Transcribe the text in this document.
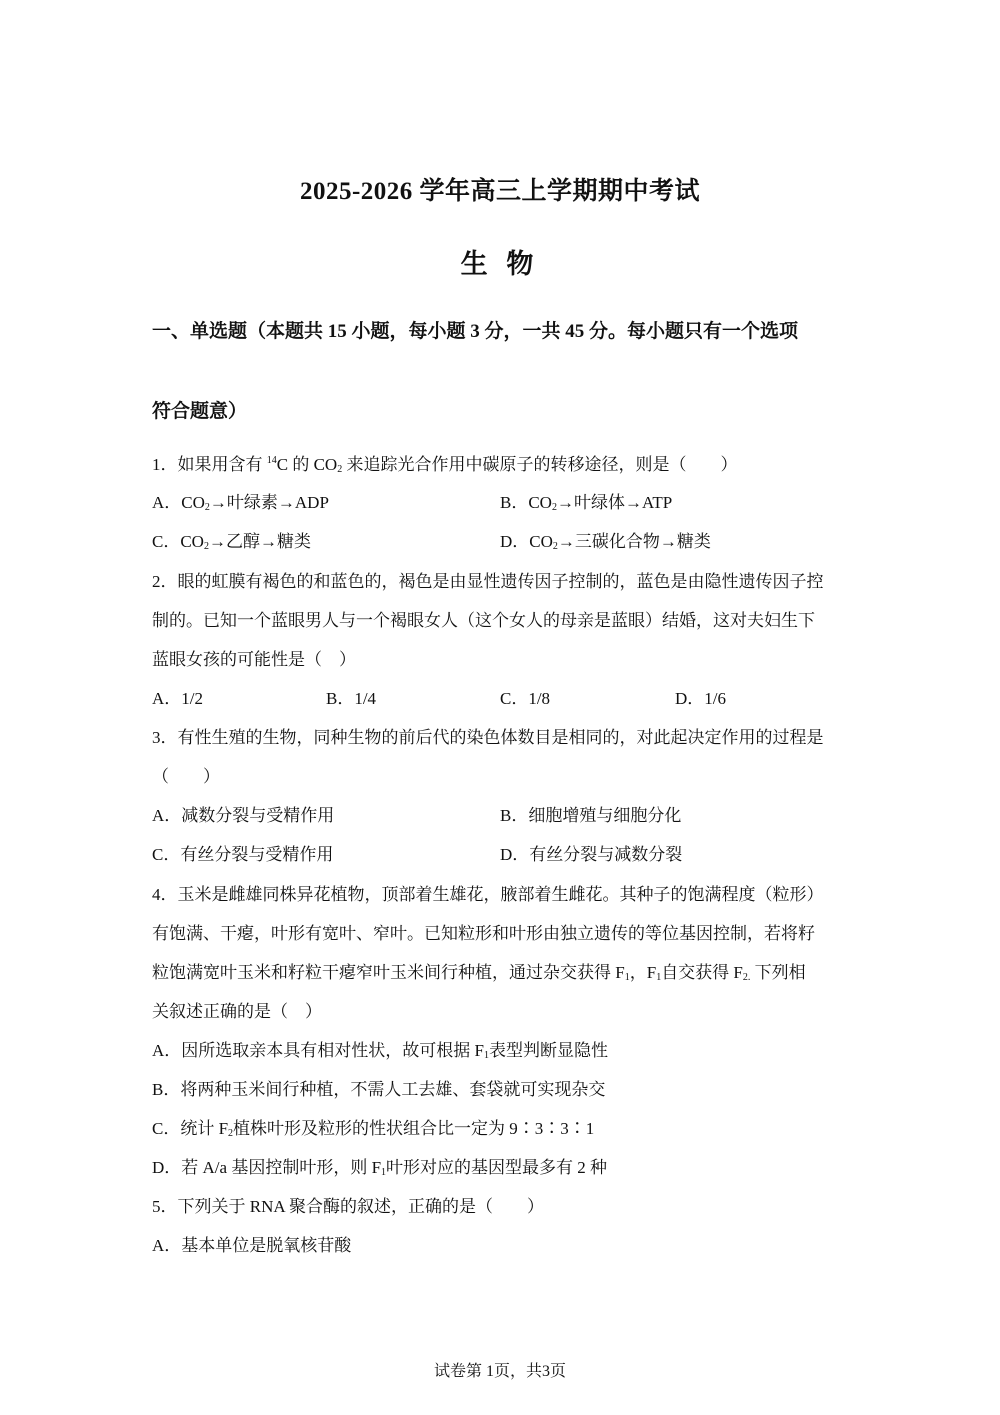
2025-2026 学年高三上学期期中考试
生 物
一、单选题（本题共 15 小题，每小题 3 分，一共 45 分。每小题只有一个选项
符合题意）
1．如果用含有 $^{14}$C 的 $CO_2$ 来追踪光合作用中碳原子的转移途径，则是（　　）
A．$CO_2\to$叶绿素→ADP	B．$CO_2\to$叶绿体→ATP
C．$CO_2\to$乙醇→糖类	D．$CO_2\to$三碳化合物→糖类
2．眼的虹膜有褐色的和蓝色的，褐色是由显性遗传因子控制的，蓝色是由隐性遗传因子控
制的。已知一个蓝眼男人与一个褐眼女人（这个女人的母亲是蓝眼）结婚，这对夫妇生下
蓝眼女孩的可能性是（　）
A．1/2	B．1/4	C．1/8	D．1/6
3．有性生殖的生物，同种生物的前后代的染色体数目是相同的，对此起决定作用的过程是
（　　）
A．减数分裂与受精作用	B．细胞增殖与细胞分化
C．有丝分裂与受精作用	D．有丝分裂与减数分裂
4．玉米是雌雄同株异花植物，顶部着生雄花，腋部着生雌花。其种子的饱满程度（粒形）
有饱满、干瘪，叶形有宽叶、窄叶。已知粒形和叶形由独立遗传的等位基因控制，若将籽
粒饱满宽叶玉米和籽粒干瘪窄叶玉米间行种植，通过杂交获得 $F_1$，$F_1$自交获得 $F_{2.}$ 下列相
关叙述正确的是（　）
A．因所选取亲本具有相对性状，故可根据 $F_1$表型判断显隐性
B．将两种玉米间行种植，不需人工去雄、套袋就可实现杂交
C．统计 $F_2$植株叶形及粒形的性状组合比一定为 9∶3∶3∶1
D．若 A/a 基因控制叶形，则 $F_1$叶形对应的基因型最多有 2 种
5．下列关于 RNA 聚合酶的叙述，正确的是（　　）
A．基本单位是脱氧核苷酸
试卷第 1页，共3页
